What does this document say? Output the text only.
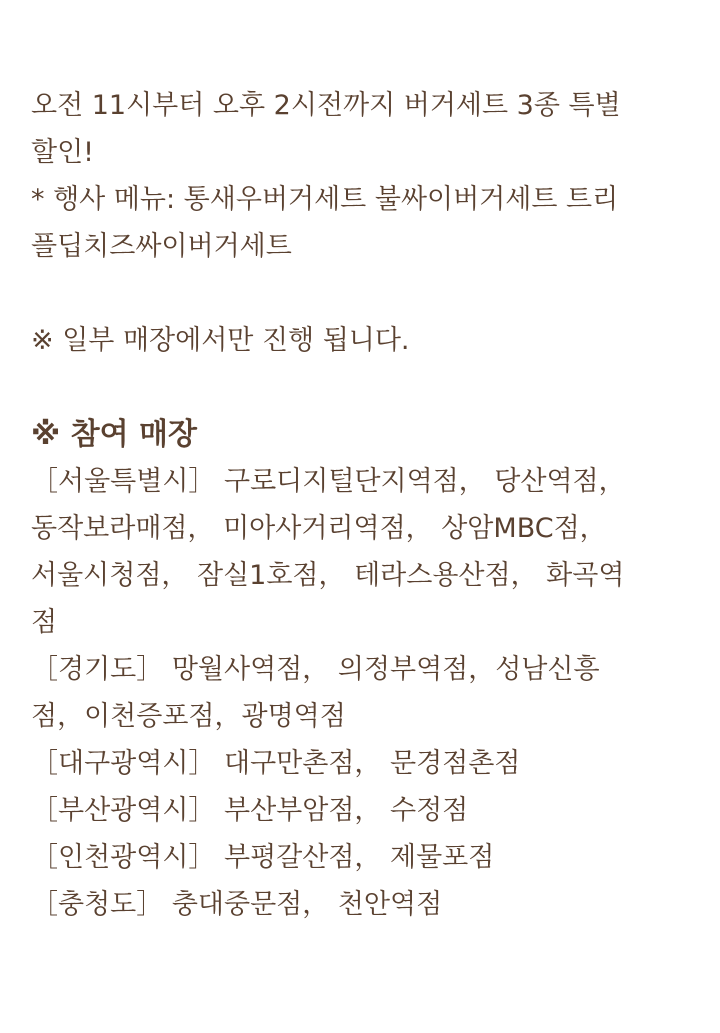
오전 11시부터 오후 2시전까지 버거세트 3종 특별
할인!
* 행사 메뉴: 통새우버거세트 불싸이버거세트 트리
플딥치즈싸이버거세트
※ 일부 매장에서만 진행 됩니다.
※ 참여 매장
［서울특별시］ 구로디지털단지역점， 당산역점，
동작보라매점， 미아사거리역점， 상암MBC점，
서울시청점， 잠실1호점， 테라스용산점， 화곡역
점
［경기도］ 망월사역점， 의정부역점，성남신흥
점，이천증포점，광명역점
［대구광역시］ 대구만촌점， 문경점촌점
［부산광역시］ 부산부암점， 수정점
［인천광역시］ 부평갈산점， 제물포점
［충청도］ 충대중문점， 천안역점
